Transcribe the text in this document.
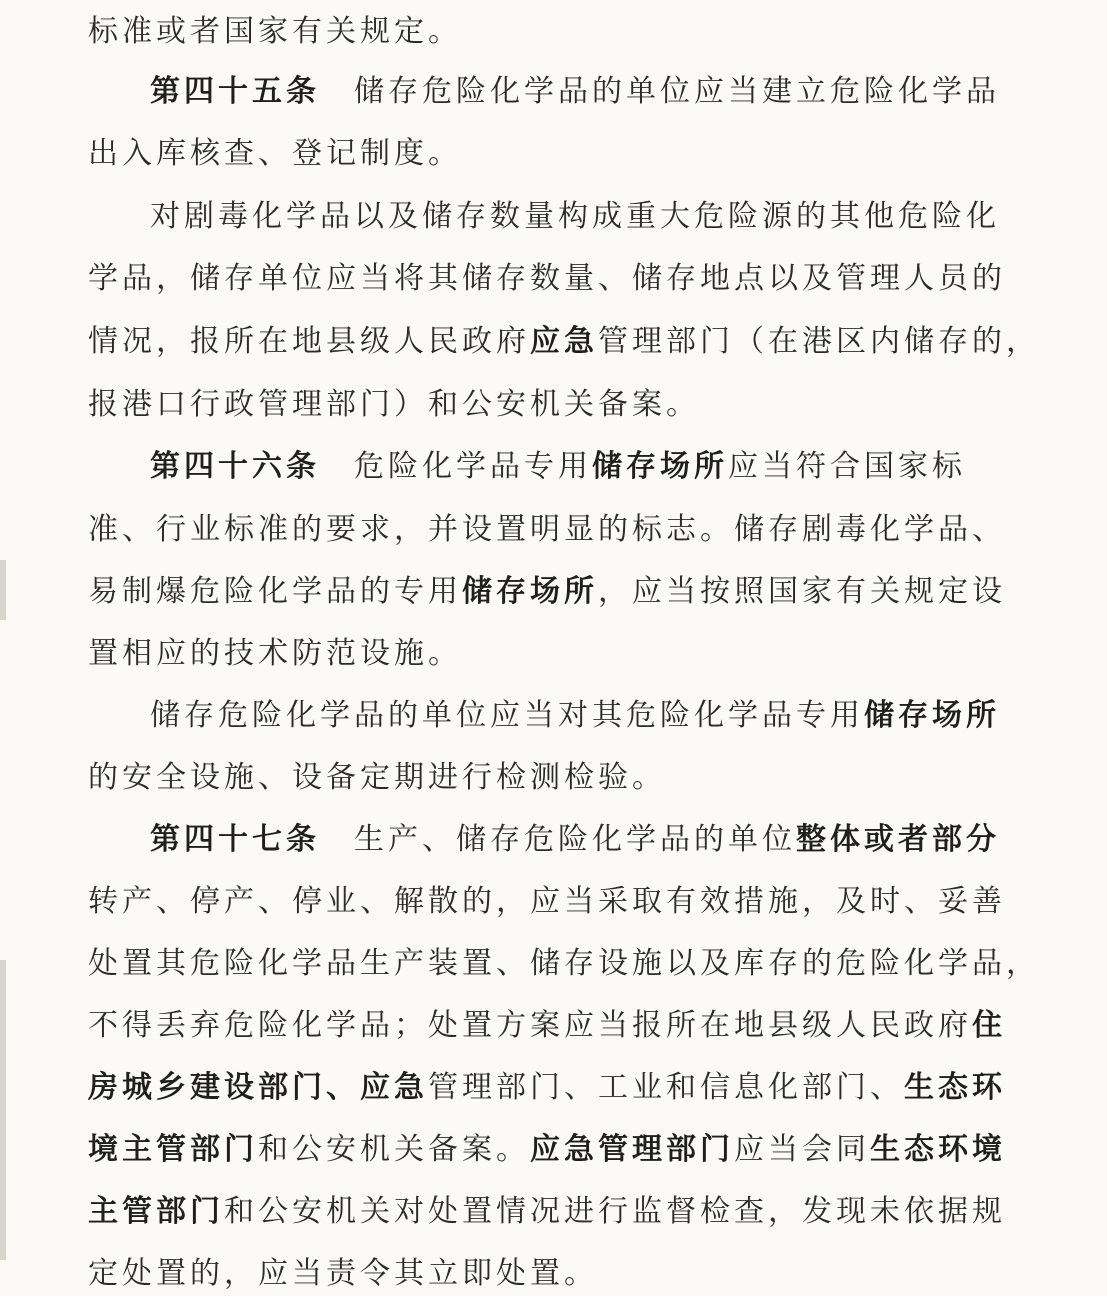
标准或者国家有关规定。
第四十五条 储存危险化学品的单位应当建立危险化学品
出入库核查、登记制度。
对剧毒化学品以及储存数量构成重大危险源的其他危险化
学品，储存单位应当将其储存数量、储存地点以及管理人员的
情况，报所在地县级人民政府应急管理部门（在港区内储存的，
报港口行政管理部门）和公安机关备案。
第四十六条 危险化学品专用储存场所应当符合国家标
准、行业标准的要求，并设置明显的标志。储存剧毒化学品、
易制爆危险化学品的专用储存场所，应当按照国家有关规定设
置相应的技术防范设施。
储存危险化学品的单位应当对其危险化学品专用储存场所
的安全设施、设备定期进行检测检验。
第四十七条 生产、储存危险化学品的单位整体或者部分
转产、停产、停业、解散的，应当采取有效措施，及时、妥善
处置其危险化学品生产装置、储存设施以及库存的危险化学品，
不得丢弃危险化学品；处置方案应当报所在地县级人民政府住
房城乡建设部门、应急管理部门、工业和信息化部门、生态环
境主管部门和公安机关备案。应急管理部门应当会同生态环境
主管部门和公安机关对处置情况进行监督检查，发现未依据规
定处置的，应当责令其立即处置。
